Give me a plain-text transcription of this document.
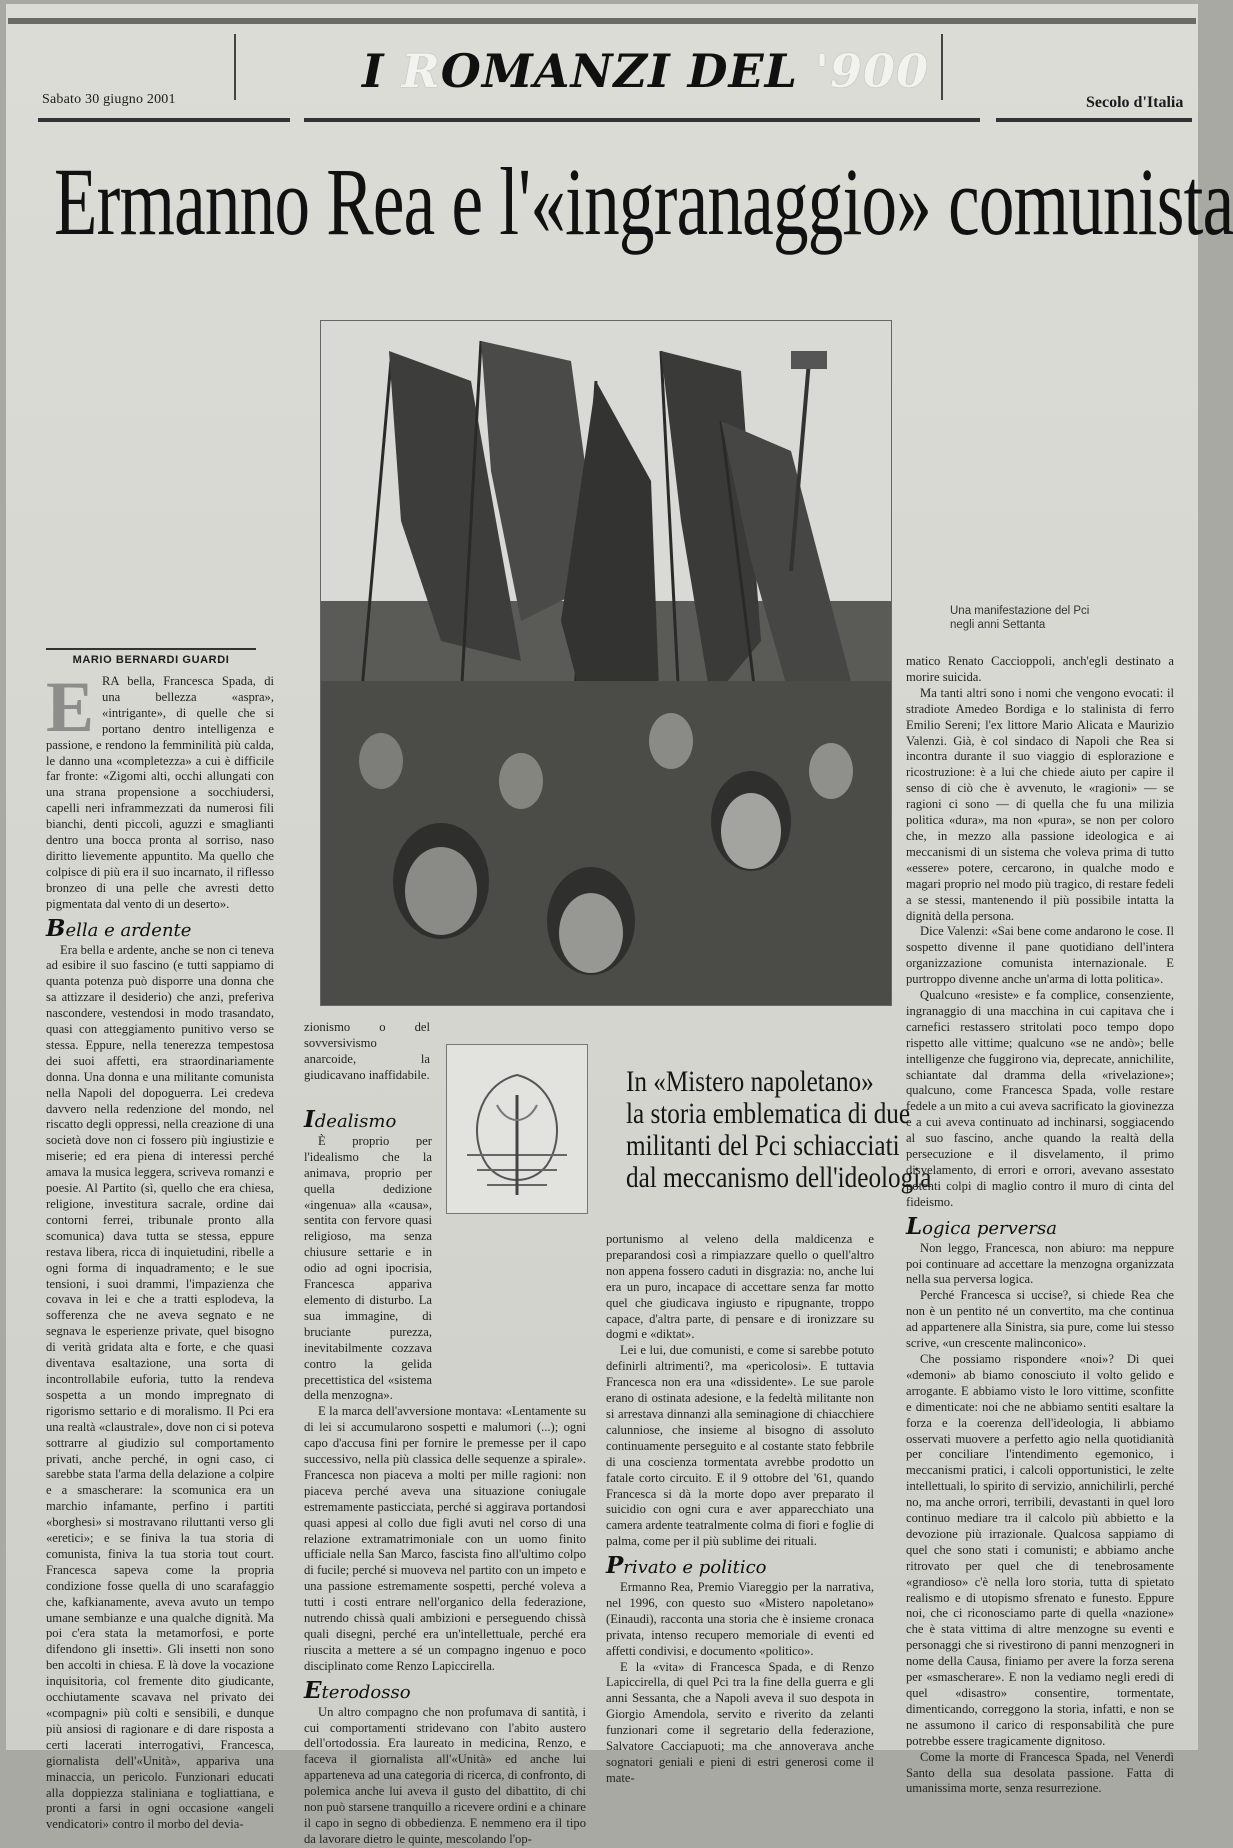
Sabato 30 giugno 2001
I ROMANZI DEL '900
Secolo d'Italia
Ermanno Rea e l'«ingranaggio» comunista
Una manifestazione del Pci
negli anni Settanta
MARIO BERNARDI GUARDI

ERA bella, Francesca Spada, di una bellezza «aspra», «intrigante», di quelle che si portano dentro intelligenza e passione, e rendono la femminilità più calda, le danno una «completezza» a cui è difficile far fronte: «Zigomi alti, occhi allungati con una strana propensione a socchiudersi, capelli neri inframmezzati da numerosi fili bianchi, denti piccoli, aguzzi e smaglianti dentro una bocca pronta al sorriso, naso diritto lievemente appuntito. Ma quello che colpisce di più era il suo incarnato, il riflesso bronzeo di una pelle che avresti detto pigmentata dal vento di un deserto».

Bella e ardente

Era bella e ardente, anche se non ci teneva ad esibire il suo fascino (e tutti sappiamo di quanta potenza può disporre una donna che sa attizzare il desiderio) che anzi, preferiva nascondere, vestendosi in modo trasandato, quasi con atteggiamento punitivo verso se stessa. Eppure, nella tenerezza tempestosa dei suoi affetti, era straordinariamente donna. Una donna e una militante comunista nella Napoli del dopoguerra. Lei credeva davvero nella redenzione del mondo, nel riscatto degli oppressi, nella creazione di una società dove non ci fossero più ingiustizie e miserie; ed era piena di interessi perché amava la musica leggera, scriveva romanzi e poesie. Al Partito (sì, quello che era chiesa, religione, investitura sacrale, ordine dai contorni ferrei, tribunale pronto alla scomunica) dava tutta se stessa, eppure restava libera, ricca di inquietudini, ribelle a ogni forma di inquadramento; e le sue tensioni, i suoi drammi, l'impazienza che covava in lei e che a tratti esplodeva, la sofferenza che ne aveva segnato e ne segnava le esperienze private, quel bisogno di verità gridata alta e forte, e che quasi diventava esaltazione, una sorta di incontrollabile euforia, tutto la rendeva sospetta a un mondo impregnato di rigorismo settario e di moralismo. Il Pci era una realtà «claustrale», dove non ci si poteva sottrarre al giudizio sul comportamento privati, anche perché, in ogni caso, ci sarebbe stata l'arma della delazione a colpire e a smascherare: la scomunica era un marchio infamante, perfino i partiti «borghesi» si mostravano riluttanti verso gli «eretici»; e se finiva la tua storia di comunista, finiva la tua storia tout court. Francesca sapeva come la propria condizione fosse quella di uno scarafaggio che, kafkianamente, aveva avuto un tempo umane sembianze e una qualche dignità. Ma poi c'era stata la metamorfosi, e porte difendono gli insetti». Gli insetti non sono ben accolti in chiesa. E là dove la vocazione inquisitoria, col fremente dito giudicante, occhiutamente scavava nel privato dei «compagni» più colti e sensibili, e dunque più ansiosi di ragionare e di dare risposta a certi lacerati interrogativi, Francesca, giornalista dell'«Unità», appariva una minaccia, un pericolo. Funzionari educati alla doppiezza staliniana e togliattiana, e pronti a farsi in ogni occasione «angeli vendicatori» contro il morbo del devia-

zionismo o del sovversivismo anarcoide, la giudicavano inaffidabile.

Idealismo

È proprio per l'idealismo che la animava, proprio per quella dedizione «ingenua» alla «causa», sentita con fervore quasi religioso, ma senza chiusure settarie e in odio ad ogni ipocrisia, Francesca appariva elemento di disturbo. La sua immagine, di bruciante purezza, inevitabilmente cozzava contro la gelida precettistica del «sistema della menzogna».

E la marca dell'avversione montava: «Lentamente su di lei si accumularono sospetti e malumori (...); ogni capo d'accusa fini per fornire le premesse per il capo successivo, nella più classica delle sequenze a spirale». Francesca non piaceva a molti per mille ragioni: non piaceva perché aveva una situazione coniugale estremamente pasticciata, perché si aggirava portandosi quasi appesi al collo due figli avuti nel corso di una relazione extramatrimoniale con un uomo finito ufficiale nella San Marco, fascista fino all'ultimo colpo di fucile; perché si muoveva nel partito con un impeto e una passione estremamente sospetti, perché voleva a tutti i costi entrare nell'organico della federazione, nutrendo chissà quali ambizioni e perseguendo chissà quali disegni, perché era un'intellettuale, perché era riuscita a mettere a sé un compagno ingenuo e poco disciplinato come Renzo Lapiccirella.

Eterodosso

Un altro compagno che non profumava di santità, i cui comportamenti stridevano con l'abito austero dell'ortodossia. Era laureato in medicina, Renzo, e faceva il giornalista all'«Unità» ed anche lui apparteneva ad una categoria di ricerca, di confronto, di polemica anche lui aveva il gusto del dibattito, di chi non può starsene tranquillo a ricevere ordini e a chinare il capo in segno di obbedienza. E nemmeno era il tipo da lavorare dietro le quinte, mescolando l'op-

In «Mistero napoletano»
la storia emblematica di due
militanti del Pci schiacciati
dal meccanismo dell'ideologia

portunismo al veleno della maldicenza e preparandosi così a rimpiazzare quello o quell'altro non appena fossero caduti in disgrazia: no, anche lui era un puro, incapace di accettare senza far motto quel che giudicava ingiusto e ripugnante, troppo capace, d'altra parte, di pensare e di ironizzare su dogmi e «diktat».

Lei e lui, due comunisti, e come si sarebbe potuto definirli altrimenti?, ma «pericolosi». E tuttavia Francesca non era una «dissidente». Le sue parole erano di ostinata adesione, e la fedeltà militante non si arrestava dinnanzi alla seminagione di chiacchiere calunniose, che insieme al bisogno di assoluto continuamente perseguito e al costante stato febbrile di una coscienza tormentata avrebbe prodotto un fatale corto circuito. E il 9 ottobre del '61, quando Francesca si dà la morte dopo aver preparato il suicidio con ogni cura e aver apparecchiato una camera ardente teatralmente colma di fiori e foglie di palma, come per il più sublime dei rituali.

Privato e politico

Ermanno Rea, Premio Viareggio per la narrativa, nel 1996, con questo suo «Mistero napoletano» (Einaudi), racconta una storia che è insieme cronaca privata, intenso recupero memoriale di eventi ed affetti condivisi, e documento «politico».

E la «vita» di Francesca Spada, e di Renzo Lapiccirella, di quel Pci tra la fine della guerra e gli anni Sessanta, che a Napoli aveva il suo despota in Giorgio Amendola, servito e riverito da zelanti funzionari come il segretario della federazione, Salvatore Cacciapuoti; ma che annoverava anche sognatori geniali e pieni di estri generosi come il mate-

matico Renato Caccioppoli, anch'egli destinato a morire suicida.

Ma tanti altri sono i nomi che vengono evocati: il stradiote Amedeo Bordiga e lo stalinista di ferro Emilio Sereni; l'ex littore Mario Alicata e Maurizio Valenzi. Già, è col sindaco di Napoli che Rea si incontra durante il suo viaggio di esplorazione e ricostruzione: è a lui che chiede aiuto per capire il senso di ciò che è avvenuto, le «ragioni» — se ragioni ci sono — di quella che fu una milizia politica «dura», ma non «pura», se non per coloro che, in mezzo alla passione ideologica e ai meccanismi di un sistema che voleva prima di tutto «essere» potere, cercarono, in qualche modo e magari proprio nel modo più tragico, di restare fedeli a se stessi, mantenendo il più possibile intatta la dignità della persona.

Dice Valenzi: «Sai bene come andarono le cose. Il sospetto divenne il pane quotidiano dell'intera organizzazione comunista internazionale. E purtroppo divenne anche un'arma di lotta politica».

Qualcuno «resiste» e fa complice, consenziente, ingranaggio di una macchina in cui capitava che i carnefici restassero stritolati poco tempo dopo rispetto alle vittime; qualcuno «se ne andò»; belle intelligenze che fuggirono via, deprecate, annichilite, schiantate dal dramma della «rivelazione»; qualcuno, come Francesca Spada, volle restare fedele a un mito a cui aveva sacrificato la giovinezza e a cui aveva continuato ad inchinarsi, soggiacendo al suo fascino, anche quando la realtà della persecuzione e il disvelamento, il primo disvelamento, di errori e orrori, avevano assestato potenti colpi di maglio contro il muro di cinta del fideismo.

Logica perversa

Non leggo, Francesca, non abiuro: ma neppure poi continuare ad accettare la menzogna organizzata nella sua perversa logica.

Perché Francesca si uccise?, si chiede Rea che non è un pentito né un convertito, ma che continua ad appartenere alla Sinistra, sia pure, come lui stesso scrive, «un crescente malinconico».

Che possiamo rispondere «noi»? Di quei «demoni» ab biamo conosciuto il volto gelido e arrogante. E abbiamo visto le loro vittime, sconfitte e dimenticate: noi che ne abbiamo sentiti esaltare la forza e la coerenza dell'ideologia, li abbiamo osservati muovere a perfetto agio nella quotidianità per conciliare l'intendimento egemonico, i meccanismi pratici, i calcoli opportunistici, le zelte intellettuali, lo spirito di servizio, annichilirli, perché no, ma anche orrori, terribili, devastanti in quel loro continuo mediare tra il calcolo più abbietto e la devozione più irrazionale. Qualcosa sappiamo di quel che sono stati i comunisti; e abbiamo anche ritrovato per quel che di tenebrosamente «grandioso» c'è nella loro storia, tutta di spietato realismo e di utopismo sfrenato e funesto. Eppure noi, che ci riconosciamo parte di quella «nazione» che è stata vittima di altre menzogne su eventi e personaggi che si rivestirono di panni menzogneri in nome della Causa, finiamo per avere la forza serena per «smascherare». E non la vediamo negli eredi di quel «disastro» consentire, tormentate, dimenticando, correggono la storia, infatti, e non se ne assumono il carico di responsabilità che pure potrebbe essere tragicamente dignitoso.

Come la morte di Francesca Spada, nel Venerdì Santo della sua desolata passione. Fatta di umanissima morte, senza resurrezione.
